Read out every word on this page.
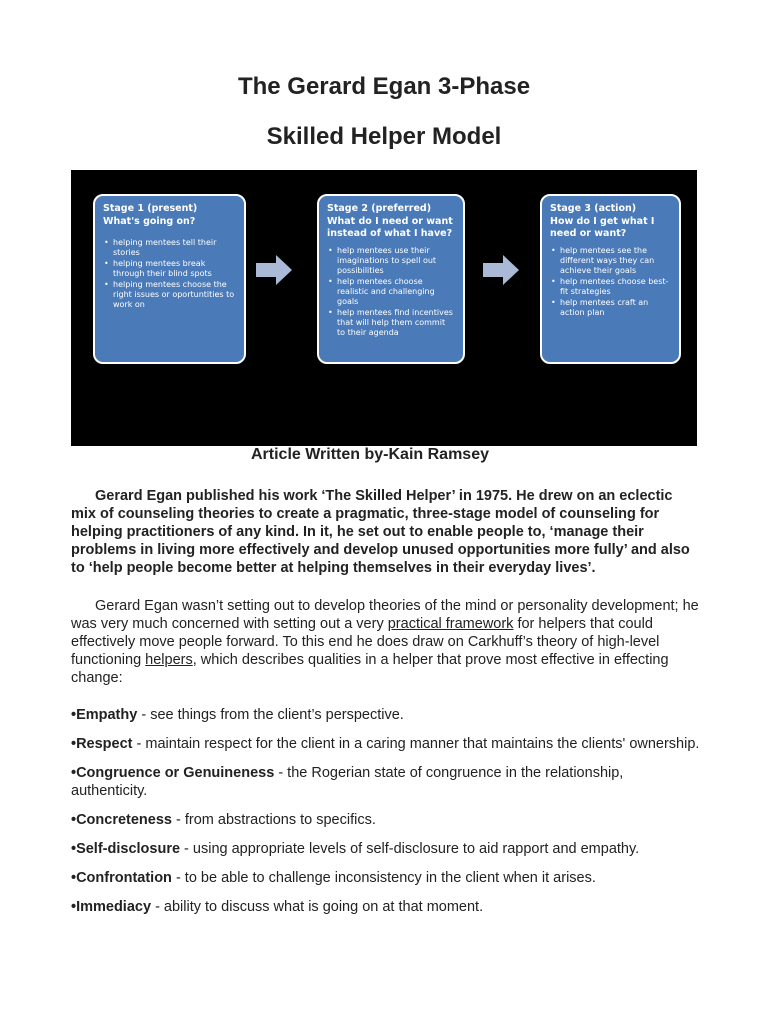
The Gerard Egan 3-Phase
Skilled Helper Model
Stage 1 (present)
What's going on?
• helping mentees tell their stories
• helping mentees break through their blind spots
• helping mentees choose the right issues or oportuntities to work on
Stage 2 (preferred)
What do I need or want instead of what I have?
• help mentees use their imaginations to spell out possibilities
• help mentees choose realistic and challenging goals
• help mentees find incentives that will help them commit to their agenda
Stage 3 (action)
How do I get what I need or want?
• help mentees see the different ways they can achieve their goals
• help mentees choose best-fit strategies
• help mentees craft an action plan
Article Written by-Kain Ramsey

Gerard Egan published his work ‘The Skilled Helper’ in 1975. He drew on an eclectic mix of counseling theories to create a pragmatic, three-stage model of counseling for helping practitioners of any kind. In it, he set out to enable people to, ‘manage their problems in living more effectively and develop unused opportunities more fully’ and also to ‘help people become better at helping themselves in their everyday lives’.

Gerard Egan wasn’t setting out to develop theories of the mind or personality development; he was very much concerned with setting out a very practical framework for helpers that could effectively move people forward. To this end he does draw on Carkhuff’s theory of high-level functioning helpers, which describes qualities in a helper that prove most effective in effecting change:

•Empathy - see things from the client’s perspective.
•Respect - maintain respect for the client in a caring manner that maintains the clients' ownership.
•Congruence or Genuineness - the Rogerian state of congruence in the relationship, authenticity.
•Concreteness - from abstractions to specifics.
•Self-disclosure - using appropriate levels of self-disclosure to aid rapport and empathy.
•Confrontation - to be able to challenge inconsistency in the client when it arises.
•Immediacy - ability to discuss what is going on at that moment.
